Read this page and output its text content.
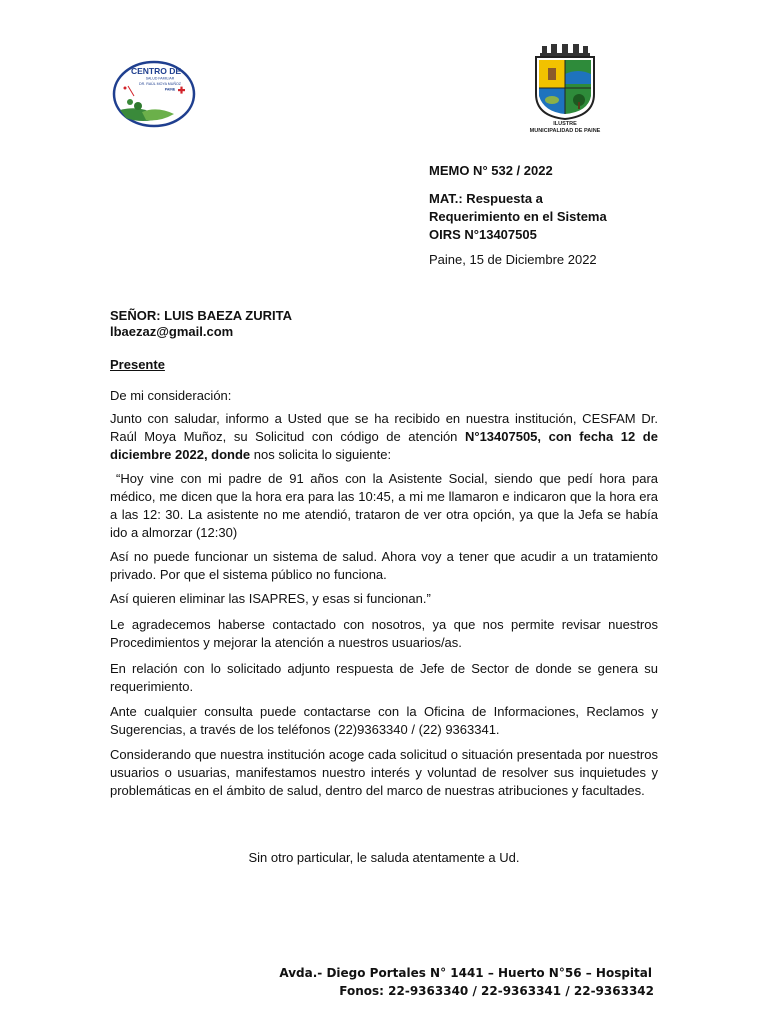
CENTRO DE
SALUD FAMILIAR
DR. RAÚL MOYA MUÑOZ
PAINE
ILUSTRE
MUNICIPALIDAD DE PAINE
MEMO N° 532 / 2022
MAT.: Respuesta a
Requerimiento en el Sistema
OIRS N°13407505
Paine, 15 de Diciembre 2022
SEÑOR: LUIS BAEZA ZURITA
lbaezaz@gmail.com
Presente
De mi consideración:

Junto con saludar, informo a Usted que se ha recibido en nuestra institución, CESFAM Dr. Raúl Moya Muñoz, su Solicitud con código de atención N°13407505, con fecha 12 de diciembre 2022, donde nos solicita lo siguiente:

“Hoy vine con mi padre de 91 años con la Asistente Social, siendo que pedí hora para médico, me dicen que la hora era para las 10:45, a mi me llamaron e indicaron que la hora era a las 12: 30. La asistente no me atendió, trataron de ver otra opción, ya que la Jefa se había ido a almorzar (12:30)

Así no puede funcionar un sistema de salud. Ahora voy a tener que acudir a un tratamiento privado. Por que el sistema público no funciona.

Así quieren eliminar las ISAPRES, y esas si funcionan.”

Le agradecemos haberse contactado con nosotros, ya que nos permite revisar nuestros Procedimientos y mejorar la atención a nuestros usuarios/as.

En relación con lo solicitado adjunto respuesta de Jefe de Sector de donde se genera su requerimiento.

Ante cualquier consulta puede contactarse con la Oficina de Informaciones, Reclamos y Sugerencias, a través de los teléfonos (22)9363340 / (22) 9363341.

Considerando que nuestra institución acoge cada solicitud o situación presentada por nuestros usuarios o usuarias, manifestamos nuestro interés y voluntad de resolver sus inquietudes y problemáticas en el ámbito de salud, dentro del marco de nuestras atribuciones y facultades.

Sin otro particular, le saluda atentamente a Ud.
Avda.- Diego Portales N° 1441 – Huerto N°56 – Hospital
Fonos: 22-9363340 / 22-9363341 / 22-9363342
